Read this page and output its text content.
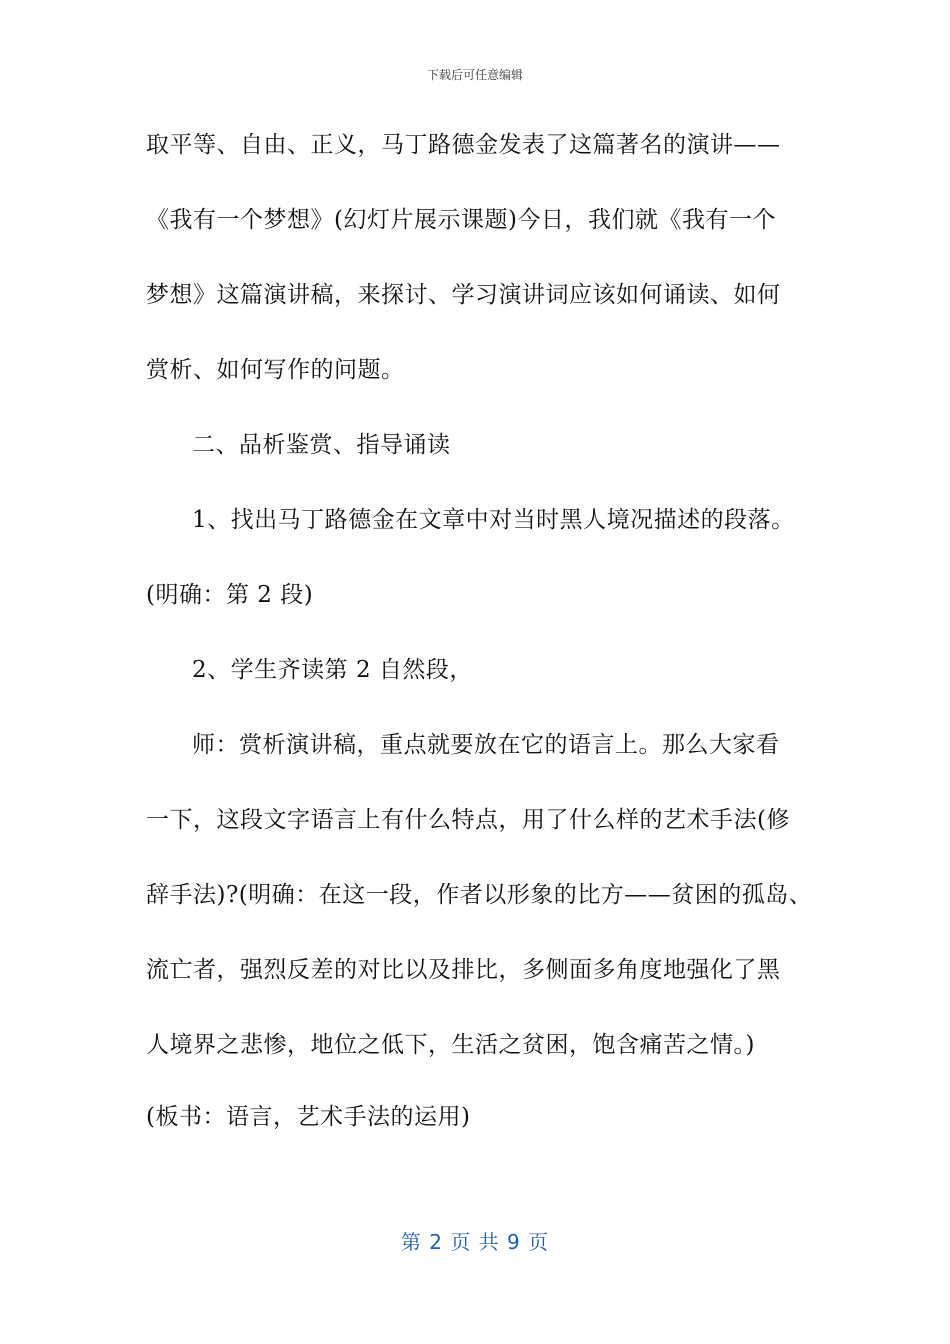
下载后可任意编辑
取平等、自由、正义，马丁路德金发表了这篇著名的演讲——
《我有一个梦想》(幻灯片展示课题)今日，我们就《我有一个
梦想》这篇演讲稿，来探讨、学习演讲词应该如何诵读、如何
赏析、如何写作的问题。
二、品析鉴赏、指导诵读
1、找出马丁路德金在文章中对当时黑人境况描述的段落。
(明确：第 2 段)
2、学生齐读第 2 自然段，
师：赏析演讲稿，重点就要放在它的语言上。那么大家看
一下，这段文字语言上有什么特点，用了什么样的艺术手法(修
辞手法)?(明确：在这一段，作者以形象的比方——贫困的孤岛、
流亡者，强烈反差的对比以及排比，多侧面多角度地强化了黑
人境界之悲惨，地位之低下，生活之贫困，饱含痛苦之情。)
(板书：语言，艺术手法的运用)
第 2 页 共 9 页
